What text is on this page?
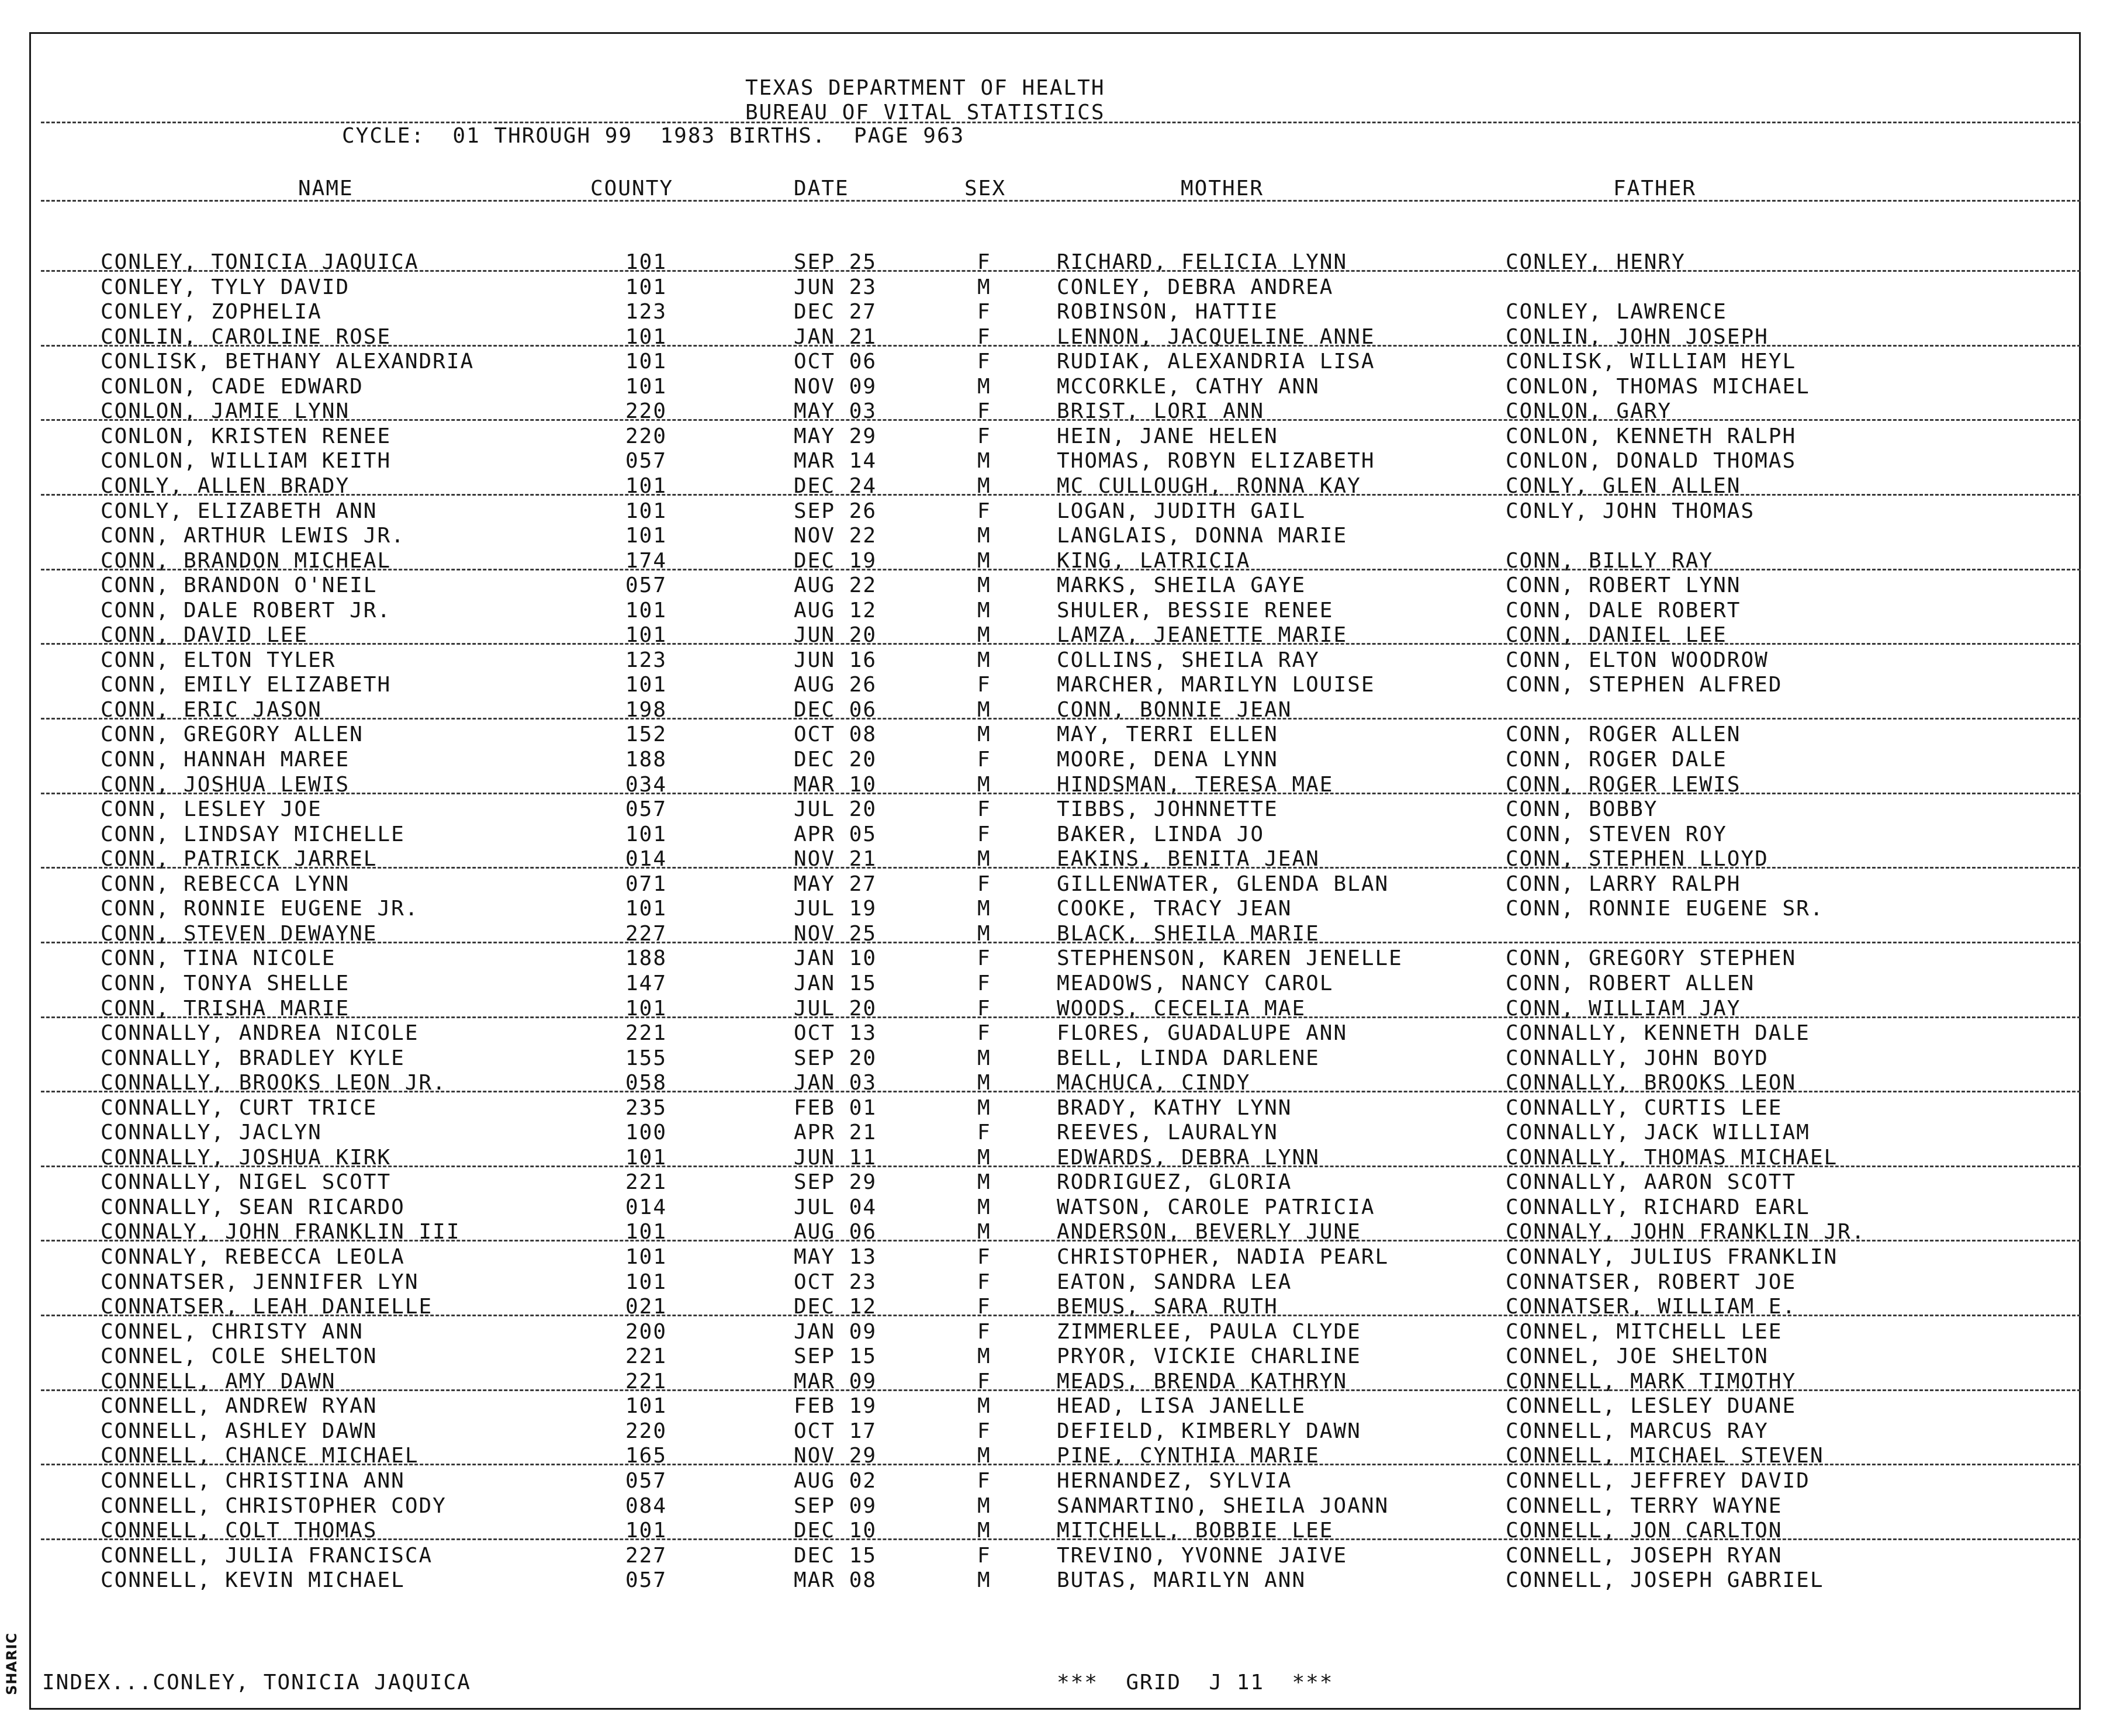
TEXAS DEPARTMENT OF HEALTH
BUREAU OF VITAL STATISTICS
CYCLE:  01 THROUGH 99  1983 BIRTHS.  PAGE 963
NAME	COUNTY	DATE	SEX	MOTHER	FATHER
CONLEY, TONICIA JAQUICA	101	SEP 25	F	RICHARD, FELICIA LYNN	CONLEY, HENRY
CONLEY, TYLY DAVID	101	JUN 23	M	CONLEY, DEBRA ANDREA
CONLEY, ZOPHELIA	123	DEC 27	F	ROBINSON, HATTIE	CONLEY, LAWRENCE
CONLIN, CAROLINE ROSE	101	JAN 21	F	LENNON, JACQUELINE ANNE	CONLIN, JOHN JOSEPH
CONLISK, BETHANY ALEXANDRIA	101	OCT 06	F	RUDIAK, ALEXANDRIA LISA	CONLISK, WILLIAM HEYL
CONLON, CADE EDWARD	101	NOV 09	M	MCCORKLE, CATHY ANN	CONLON, THOMAS MICHAEL
CONLON, JAMIE LYNN	220	MAY 03	F	BRIST, LORI ANN	CONLON, GARY
CONLON, KRISTEN RENEE	220	MAY 29	F	HEIN, JANE HELEN	CONLON, KENNETH RALPH
CONLON, WILLIAM KEITH	057	MAR 14	M	THOMAS, ROBYN ELIZABETH	CONLON, DONALD THOMAS
CONLY, ALLEN BRADY	101	DEC 24	M	MC CULLOUGH, RONNA KAY	CONLY, GLEN ALLEN
CONLY, ELIZABETH ANN	101	SEP 26	F	LOGAN, JUDITH GAIL	CONLY, JOHN THOMAS
CONN, ARTHUR LEWIS JR.	101	NOV 22	M	LANGLAIS, DONNA MARIE
CONN, BRANDON MICHEAL	174	DEC 19	M	KING, LATRICIA	CONN, BILLY RAY
CONN, BRANDON O'NEIL	057	AUG 22	M	MARKS, SHEILA GAYE	CONN, ROBERT LYNN
CONN, DALE ROBERT JR.	101	AUG 12	M	SHULER, BESSIE RENEE	CONN, DALE ROBERT
CONN, DAVID LEE	101	JUN 20	M	LAMZA, JEANETTE MARIE	CONN, DANIEL LEE
CONN, ELTON TYLER	123	JUN 16	M	COLLINS, SHEILA RAY	CONN, ELTON WOODROW
CONN, EMILY ELIZABETH	101	AUG 26	F	MARCHER, MARILYN LOUISE	CONN, STEPHEN ALFRED
CONN, ERIC JASON	198	DEC 06	M	CONN, BONNIE JEAN
CONN, GREGORY ALLEN	152	OCT 08	M	MAY, TERRI ELLEN	CONN, ROGER ALLEN
CONN, HANNAH MAREE	188	DEC 20	F	MOORE, DENA LYNN	CONN, ROGER DALE
CONN, JOSHUA LEWIS	034	MAR 10	M	HINDSMAN, TERESA MAE	CONN, ROGER LEWIS
CONN, LESLEY JOE	057	JUL 20	F	TIBBS, JOHNNETTE	CONN, BOBBY
CONN, LINDSAY MICHELLE	101	APR 05	F	BAKER, LINDA JO	CONN, STEVEN ROY
CONN, PATRICK JARREL	014	NOV 21	M	EAKINS, BENITA JEAN	CONN, STEPHEN LLOYD
CONN, REBECCA LYNN	071	MAY 27	F	GILLENWATER, GLENDA BLAN	CONN, LARRY RALPH
CONN, RONNIE EUGENE JR.	101	JUL 19	M	COOKE, TRACY JEAN	CONN, RONNIE EUGENE SR.
CONN, STEVEN DEWAYNE	227	NOV 25	M	BLACK, SHEILA MARIE
CONN, TINA NICOLE	188	JAN 10	F	STEPHENSON, KAREN JENELLE	CONN, GREGORY STEPHEN
CONN, TONYA SHELLE	147	JAN 15	F	MEADOWS, NANCY CAROL	CONN, ROBERT ALLEN
CONN, TRISHA MARIE	101	JUL 20	F	WOODS, CECELIA MAE	CONN, WILLIAM JAY
CONNALLY, ANDREA NICOLE	221	OCT 13	F	FLORES, GUADALUPE ANN	CONNALLY, KENNETH DALE
CONNALLY, BRADLEY KYLE	155	SEP 20	M	BELL, LINDA DARLENE	CONNALLY, JOHN BOYD
CONNALLY, BROOKS LEON JR.	058	JAN 03	M	MACHUCA, CINDY	CONNALLY, BROOKS LEON
CONNALLY, CURT TRICE	235	FEB 01	M	BRADY, KATHY LYNN	CONNALLY, CURTIS LEE
CONNALLY, JACLYN	100	APR 21	F	REEVES, LAURALYN	CONNALLY, JACK WILLIAM
CONNALLY, JOSHUA KIRK	101	JUN 11	M	EDWARDS, DEBRA LYNN	CONNALLY, THOMAS MICHAEL
CONNALLY, NIGEL SCOTT	221	SEP 29	M	RODRIGUEZ, GLORIA	CONNALLY, AARON SCOTT
CONNALLY, SEAN RICARDO	014	JUL 04	M	WATSON, CAROLE PATRICIA	CONNALLY, RICHARD EARL
CONNALY, JOHN FRANKLIN III	101	AUG 06	M	ANDERSON, BEVERLY JUNE	CONNALY, JOHN FRANKLIN JR.
CONNALY, REBECCA LEOLA	101	MAY 13	F	CHRISTOPHER, NADIA PEARL	CONNALY, JULIUS FRANKLIN
CONNATSER, JENNIFER LYN	101	OCT 23	F	EATON, SANDRA LEA	CONNATSER, ROBERT JOE
CONNATSER, LEAH DANIELLE	021	DEC 12	F	BEMUS, SARA RUTH	CONNATSER, WILLIAM E.
CONNEL, CHRISTY ANN	200	JAN 09	F	ZIMMERLEE, PAULA CLYDE	CONNEL, MITCHELL LEE
CONNEL, COLE SHELTON	221	SEP 15	M	PRYOR, VICKIE CHARLINE	CONNEL, JOE SHELTON
CONNELL, AMY DAWN	221	MAR 09	F	MEADS, BRENDA KATHRYN	CONNELL, MARK TIMOTHY
CONNELL, ANDREW RYAN	101	FEB 19	M	HEAD, LISA JANELLE	CONNELL, LESLEY DUANE
CONNELL, ASHLEY DAWN	220	OCT 17	F	DEFIELD, KIMBERLY DAWN	CONNELL, MARCUS RAY
CONNELL, CHANCE MICHAEL	165	NOV 29	M	PINE, CYNTHIA MARIE	CONNELL, MICHAEL STEVEN
CONNELL, CHRISTINA ANN	057	AUG 02	F	HERNANDEZ, SYLVIA	CONNELL, JEFFREY DAVID
CONNELL, CHRISTOPHER CODY	084	SEP 09	M	SANMARTINO, SHEILA JOANN	CONNELL, TERRY WAYNE
CONNELL, COLT THOMAS	101	DEC 10	M	MITCHELL, BOBBIE LEE	CONNELL, JON CARLTON
CONNELL, JULIA FRANCISCA	227	DEC 15	F	TREVINO, YVONNE JAIVE	CONNELL, JOSEPH RYAN
CONNELL, KEVIN MICHAEL	057	MAR 08	M	BUTAS, MARILYN ANN	CONNELL, JOSEPH GABRIEL
INDEX...CONLEY, TONICIA JAQUICA	***  GRID  J 11  ***
SHARIC
